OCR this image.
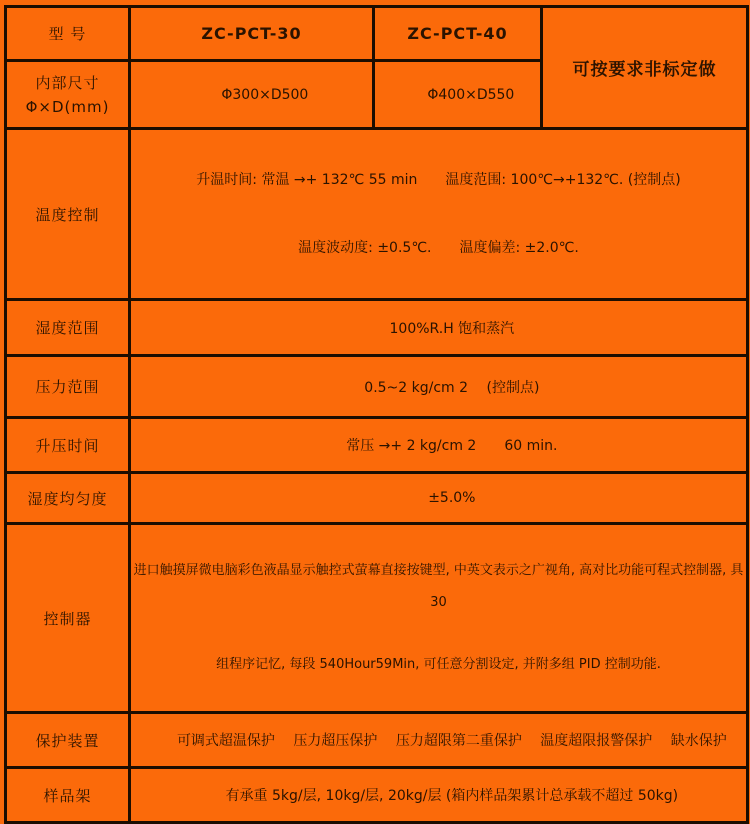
型 号	ZC-PCT-30	ZC-PCT-40	可按要求非标定做

内部尺寸
Φ×D(mm)	Φ300×D500	Φ400×D550	

温度控制	升温时间: 常温 →+ 132℃ 55 min　　温度范围: 100℃→+132℃. (控制点)

温度波动度: ±0.5℃.　　温度偏差: ±2.0℃.		

湿度范围	100%R.H 饱和蒸汽		

压力范围	0.5~2 kg/cm 2　 (控制点)		

升压时间	常压 →+ 2 kg/cm 2　　60 min.		

湿度均匀度	±5.0%		

控制器	进口触摸屏微电脑彩色液晶显示触控式萤幕直接按键型, 中英文表示之广视角, 高对比功能可程式控制器, 具 30

组程序记忆, 每段 540Hour59Min, 可任意分割设定, 并附多组 PID 控制功能.		

保护装置	可调式超温保护　 压力超压保护　 压力超限第二重保护　 温度超限报警保护　 缺水保护		

样品架	有承重 5kg/层, 10kg/层, 20kg/层 (箱内样品架累计总承载不超过 50kg)		
